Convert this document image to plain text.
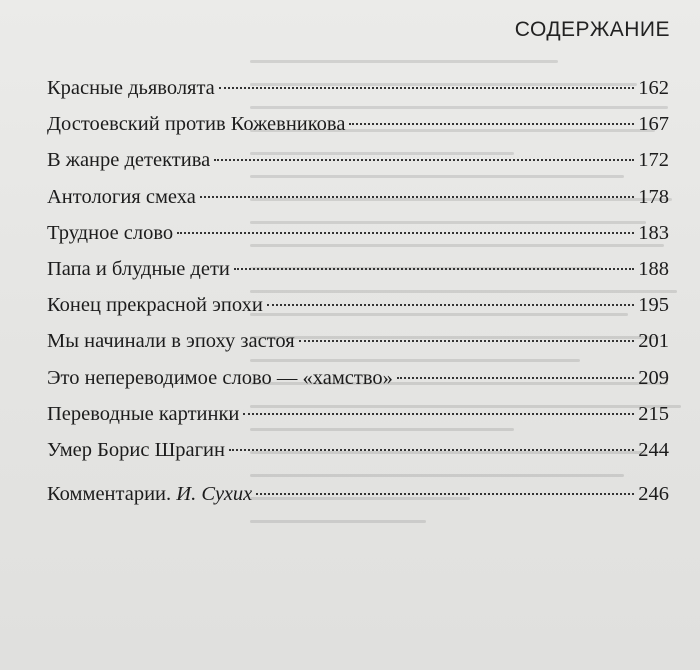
СОДЕРЖАНИЕ
Красные дьяволята	162
Достоевский против Кожевникова	167
В жанре детектива	172
Антология смеха	178
Трудное слово	183
Папа и блудные дети	188
Конец прекрасной эпохи	195
Мы начинали в эпоху застоя	201
Это непереводимое слово — «хамство»	209
Переводные картинки	215
Умер Борис Шрагин	244
Комментарии. И. Сухих	246
